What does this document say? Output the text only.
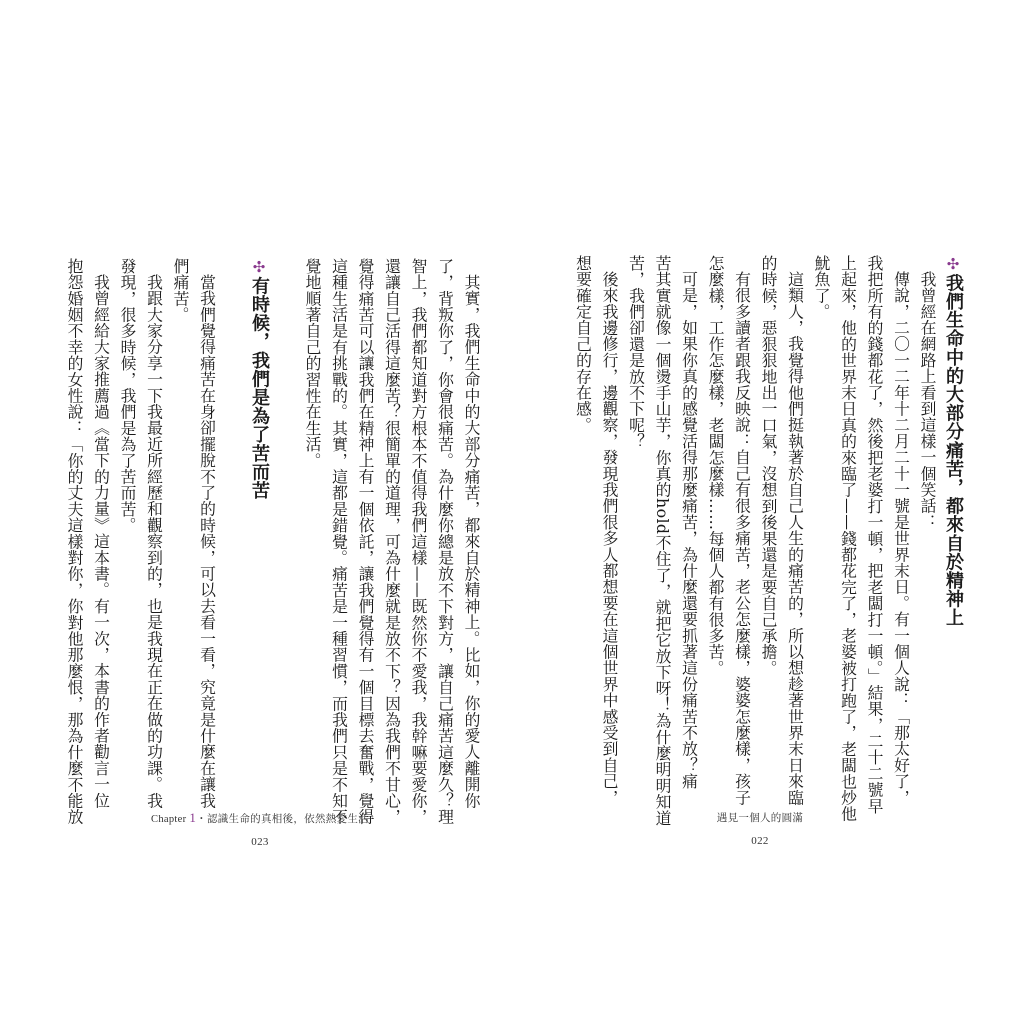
✣我們生命中的大部分痛苦，都來自於精神上
我曾經在網路上看到這樣一個笑話：
傳說，二〇一二年十二月二十一號是世界末日。有一個人說：「那太好了，
我把所有的錢都花了，然後把老婆打一頓，把老闆打一頓。」結果，二十二號早
上起來，他的世界末日真的來臨了——錢都花完了，老婆被打跑了，老闆也炒他
魷魚了。
這類人，我覺得他們挺執著於自己人生的痛苦的，所以想趁著世界末日來臨
的時候，惡狠狠地出一口氣，沒想到後果還是要自己承擔。
有很多讀者跟我反映說：自己有很多痛苦，老公怎麼樣，婆婆怎麼樣，孩子
怎麼樣，工作怎麼樣，老闆怎麼樣……每個人都有很多苦。
可是，如果你真的感覺活得那麼痛苦，為什麼還要抓著這份痛苦不放？痛
苦其實就像一個燙手山芋，你真的hold不住了，就把它放下呀！為什麼明明知道
苦，我們卻還是放不下呢？
後來我邊修行，邊觀察，發現我們很多人都想要在這個世界中感受到自己，
想要確定自己的存在感。
其實，我們生命中的大部分痛苦，都來自於精神上。比如，你的愛人離開你
了，背叛你了，你會很痛苦。為什麼你總是放不下對方，讓自己痛苦這麼久？理
智上，我們都知道對方根本不值得我們這樣——既然你不愛我，我幹嘛要愛你，
還讓自己活得這麼苦？很簡單的道理，可為什麼就是放不下？因為我們不甘心，
覺得痛苦可以讓我們在精神上有一個依託，讓我們覺得有一個目標去奮戰，覺得
這種生活是有挑戰的。其實，這都是錯覺。痛苦是一種習慣，而我們只是不知不
覺地順著自己的習性在生活。
✣有時候，我們是為了苦而苦
當我們覺得痛苦在身卻擺脫不了的時候，可以去看一看，究竟是什麼在讓我
們痛苦。
我跟大家分享一下我最近所經歷和觀察到的，也是我現在正在做的功課。我
發現，很多時候，我們是為了苦而苦。
我曾經給大家推薦過《當下的力量》這本書。有一次，本書的作者勸言一位
抱怨婚姻不幸的女性說：「你的丈夫這樣對你，你對他那麼恨，那為什麼不能放	Chapter 1・認識生命的真相後，依然熱愛生活
023
遇見一個人的圓滿
022
